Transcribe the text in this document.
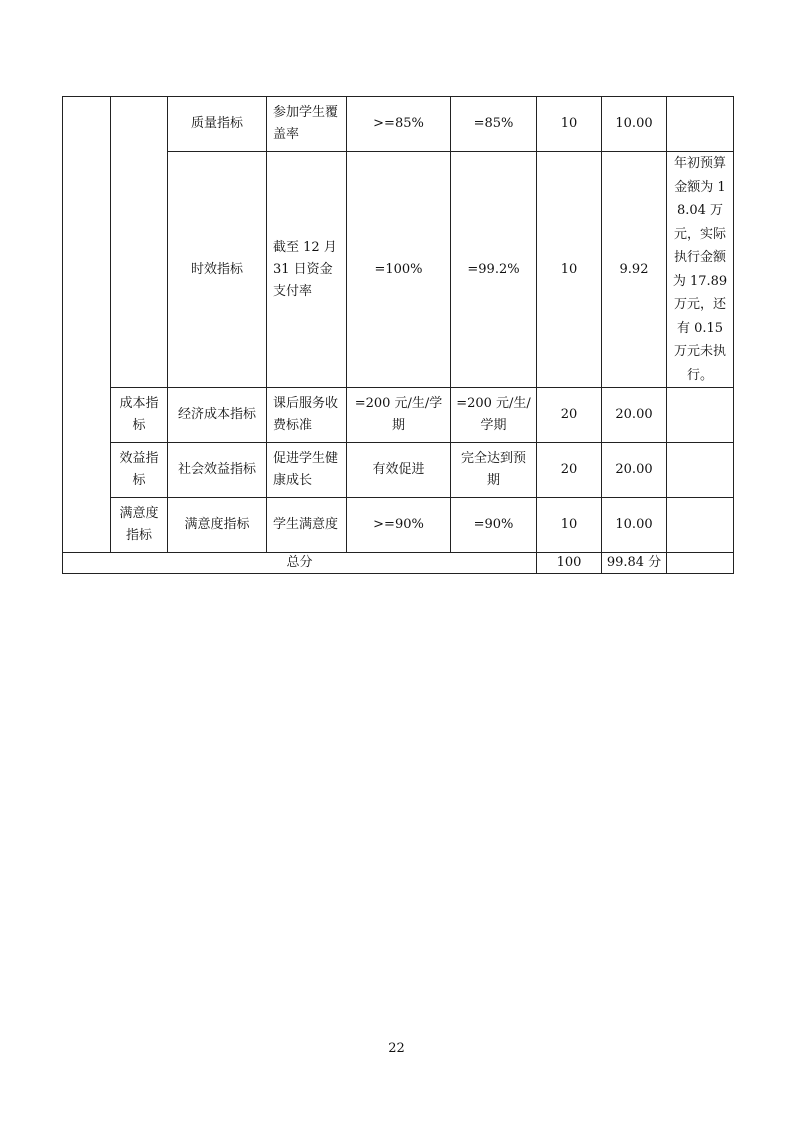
		质量指标	参加学生覆盖率	>=85%	=85%	10	10.00	
		时效指标	截至 12 月 31 日资金支付率	=100%	=99.2%	10	9.92	年初预算金额为 18.04 万元，实际执行金额为 17.89 万元，还有 0.15 万元未执行。
	成本指标	经济成本指标	课后服务收费标准	=200 元/生/学期	=200 元/生/学期	20	20.00	
	效益指标	社会效益指标	促进学生健康成长	有效促进	完全达到预期	20	20.00	
	满意度指标	满意度指标	学生满意度	>=90%	=90%	10	10.00	
总分						100	99.84 分	
22
